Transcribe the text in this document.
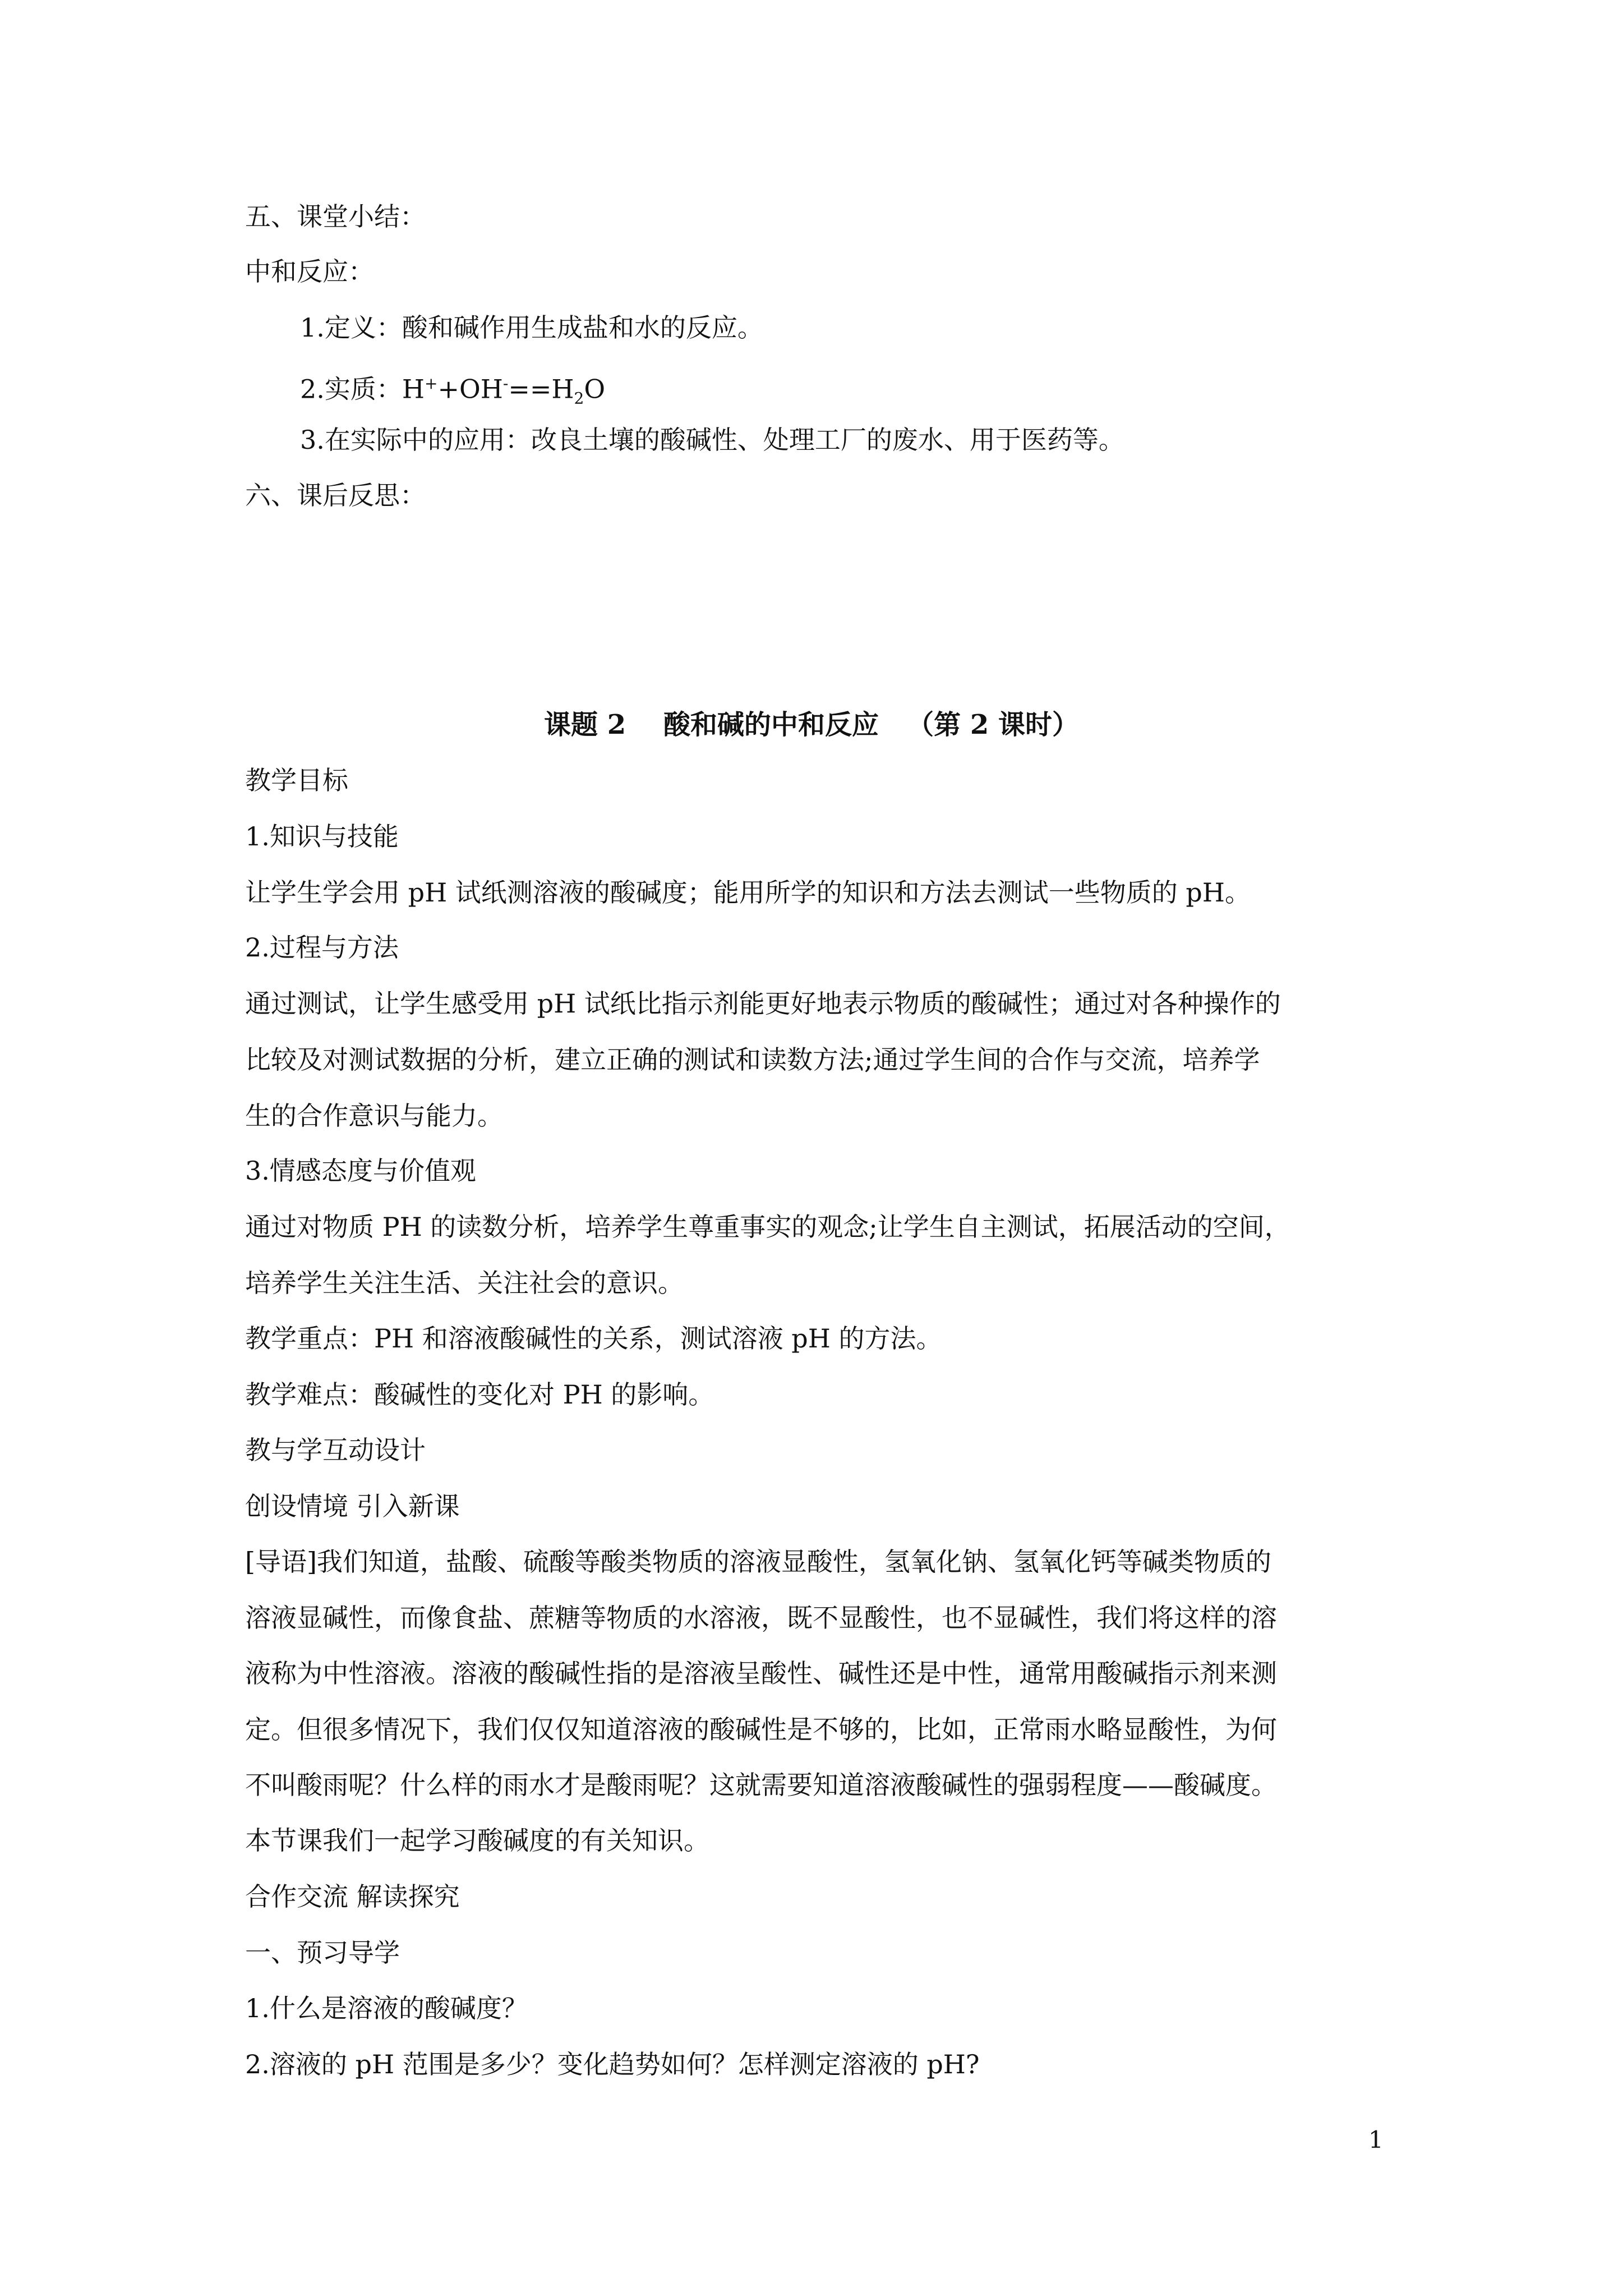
五、课堂小结：
中和反应：
1.定义：酸和碱作用生成盐和水的反应。
2.实质：$H^++OH^-==H_2O$
3.在实际中的应用：改良土壤的酸碱性、处理工厂的废水、用于医药等。
六、课后反思：
课题 2    酸和碱的中和反应   （第 2 课时）
教学目标
1.知识与技能
让学生学会用 pH 试纸测溶液的酸碱度；能用所学的知识和方法去测试一些物质的 pH。
2.过程与方法
通过测试，让学生感受用 pH 试纸比指示剂能更好地表示物质的酸碱性；通过对各种操作的
比较及对测试数据的分析，建立正确的测试和读数方法;通过学生间的合作与交流，培养学
生的合作意识与能力。
3.情感态度与价值观
通过对物质 PH 的读数分析，培养学生尊重事实的观念;让学生自主测试，拓展活动的空间，
培养学生关注生活、关注社会的意识。
教学重点：PH 和溶液酸碱性的关系，测试溶液 pH 的方法。
教学难点：酸碱性的变化对 PH 的影响。
教与学互动设计
创设情境 引入新课
[导语]我们知道，盐酸、硫酸等酸类物质的溶液显酸性，氢氧化钠、氢氧化钙等碱类物质的
溶液显碱性，而像食盐、蔗糖等物质的水溶液，既不显酸性，也不显碱性，我们将这样的溶
液称为中性溶液。溶液的酸碱性指的是溶液呈酸性、碱性还是中性，通常用酸碱指示剂来测
定。但很多情况下，我们仅仅知道溶液的酸碱性是不够的，比如，正常雨水略显酸性，为何
不叫酸雨呢？什么样的雨水才是酸雨呢？这就需要知道溶液酸碱性的强弱程度——酸碱度。
本节课我们一起学习酸碱度的有关知识。
合作交流 解读探究
一、预习导学
1.什么是溶液的酸碱度？
2.溶液的 pH 范围是多少？变化趋势如何？怎样测定溶液的 pH?
1
